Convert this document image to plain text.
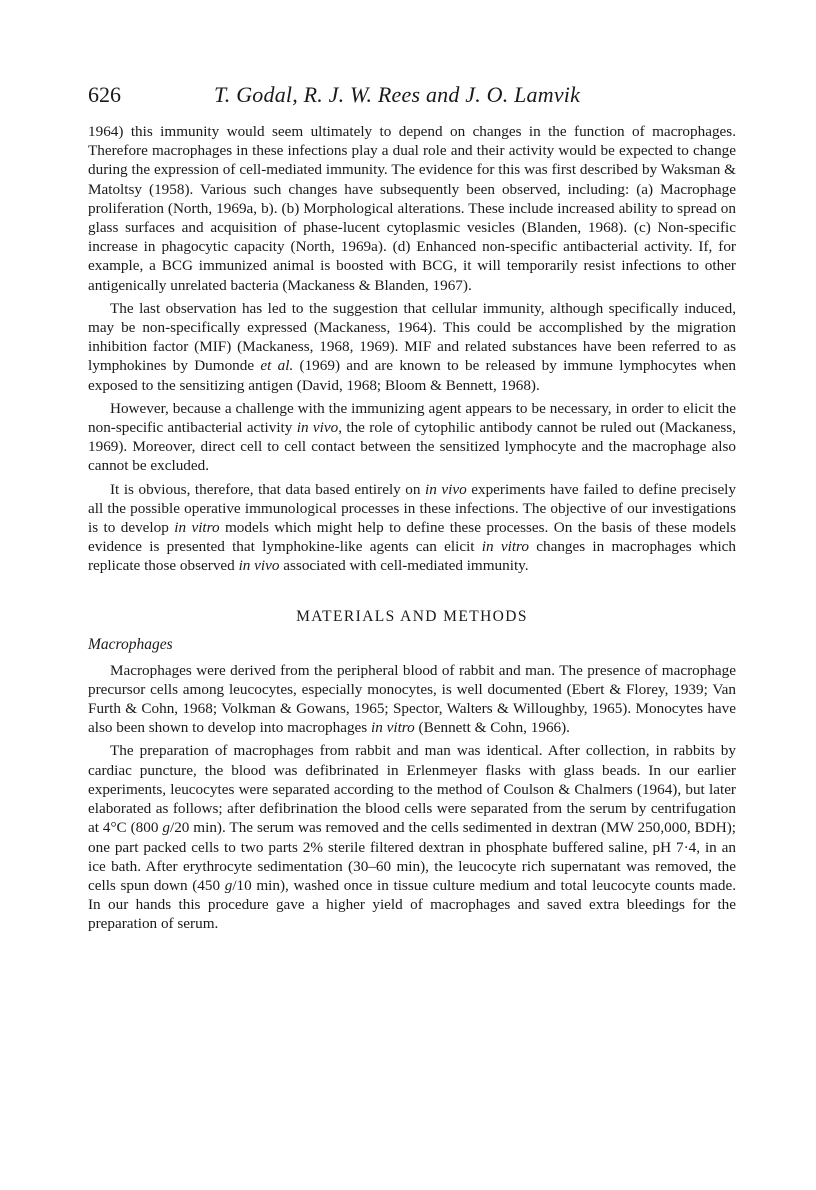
626	T. Godal, R. J. W. Rees and J. O. Lamvik

1964) this immunity would seem ultimately to depend on changes in the function of macrophages. Therefore macrophages in these infections play a dual role and their activity would be expected to change during the expression of cell-mediated immunity. The evidence for this was first described by Waksman & Matoltsy (1958). Various such changes have subsequently been observed, including: (a) Macrophage proliferation (North, 1969a, b). (b) Morphological alterations. These include increased ability to spread on glass surfaces and acquisition of phase-lucent cytoplasmic vesicles (Blanden, 1968). (c) Non-specific increase in phagocytic capacity (North, 1969a). (d) Enhanced non-specific antibacterial activity. If, for example, a BCG immunized animal is boosted with BCG, it will temporarily resist infections to other antigenically unrelated bacteria (Mackaness & Blanden, 1967).

The last observation has led to the suggestion that cellular immunity, although specifically induced, may be non-specifically expressed (Mackaness, 1964). This could be accomplished by the migration inhibition factor (MIF) (Mackaness, 1968, 1969). MIF and related substances have been referred to as lymphokines by Dumonde et al. (1969) and are known to be released by immune lymphocytes when exposed to the sensitizing antigen (David, 1968; Bloom & Bennett, 1968).

However, because a challenge with the immunizing agent appears to be necessary, in order to elicit the non-specific antibacterial activity in vivo, the role of cytophilic antibody cannot be ruled out (Mackaness, 1969). Moreover, direct cell to cell contact between the sensitized lymphocyte and the macrophage also cannot be excluded.

It is obvious, therefore, that data based entirely on in vivo experiments have failed to define precisely all the possible operative immunological processes in these infections. The objective of our investigations is to develop in vitro models which might help to define these processes. On the basis of these models evidence is presented that lymphokine-like agents can elicit in vitro changes in macrophages which replicate those observed in vivo associated with cell-mediated immunity.

MATERIALS AND METHODS
Macrophages

Macrophages were derived from the peripheral blood of rabbit and man. The presence of macrophage precursor cells among leucocytes, especially monocytes, is well documented (Ebert & Florey, 1939; Van Furth & Cohn, 1968; Volkman & Gowans, 1965; Spector, Walters & Willoughby, 1965). Monocytes have also been shown to develop into macrophages in vitro (Bennett & Cohn, 1966).

The preparation of macrophages from rabbit and man was identical. After collection, in rabbits by cardiac puncture, the blood was defibrinated in Erlenmeyer flasks with glass beads. In our earlier experiments, leucocytes were separated according to the method of Coulson & Chalmers (1964), but later elaborated as follows; after defibrination the blood cells were separated from the serum by centrifugation at 4°C (800 g/20 min). The serum was removed and the cells sedimented in dextran (MW 250,000, BDH); one part packed cells to two parts 2% sterile filtered dextran in phosphate buffered saline, pH 7·4, in an ice bath. After erythrocyte sedimentation (30–60 min), the leucocyte rich supernatant was removed, the cells spun down (450 g/10 min), washed once in tissue culture medium and total leucocyte counts made. In our hands this procedure gave a higher yield of macrophages and saved extra bleedings for the preparation of serum.
